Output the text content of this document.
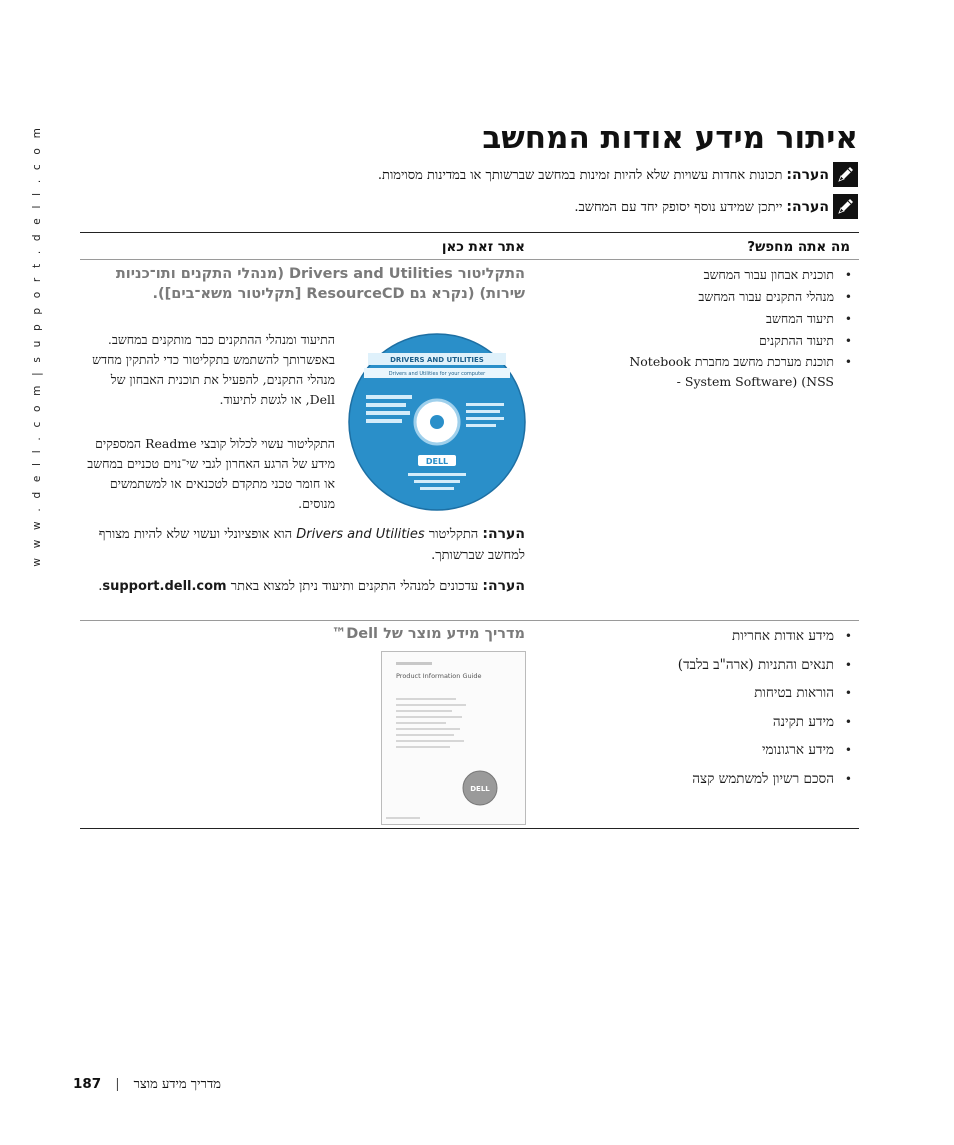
w w w . d e l l . c o m | s u p p o r t . d e l l . c o m	איתור מידע אודות המחשב
הערה:
תכונות אחדות עשויות שלא להיות זמינות במחשב שברשותך או במדינות מסוימות.
הערה:
ייתכן שמידע נוסף יסופק יחד עם המחשב.
מה אתה מחפש?
אתר זאת כאן
• תוכנית אבחון עבור המחשב
• מנהלי התקנים עבור המחשב
• תיעוד המחשב
• תיעוד ההתקנים
• תוכנת מערכת מחשב מחברת Notebook System Software) ‎(NSS -
התקליטור Drivers and Utilities (מנהלי התקנים ותו־כניות שירות) (נקרא גם ResourceCD [תקליטור משא־בים]).
DRIVERS AND UTILITIES
Drivers and Utilities for your computer
DELL
התיעוד ומנהלי ההתקנים כבר מותקנים במחשב. באפשרותך להשתמש בתקליטור כדי להתקין מחדש מנהלי התקנים, להפעיל את תוכנית האבחון של Dell, או לגשת לתיעוד.
התקליטור עשוי לכלול קובצי Readme המספקים מידע של הרגע האחרון לגבי שי־נוים טכניים במחשב או חומר טכני מתקדם לטכנאים או למשתמשים מנוסים.
הערה: התקליטור Drivers and Utilities הוא אופציונלי ועשוי שלא להיות מצורף למחשב שברשותך.
הערה: עדכונים למנהלי התקנים ותיעוד ניתן למצוא באתר support.dell.com.
• מידע אודות אחריות
• תנאים והתניות (ארה"ב בלבד)
• הוראות בטיחות
• מידע תקינה
• מידע ארגונומי
• הסכם רשיון למשתמש קצה
מדריך מידע מוצר של Dell™
Product Information Guide
DELL
187 | מדריך מידע מוצר
